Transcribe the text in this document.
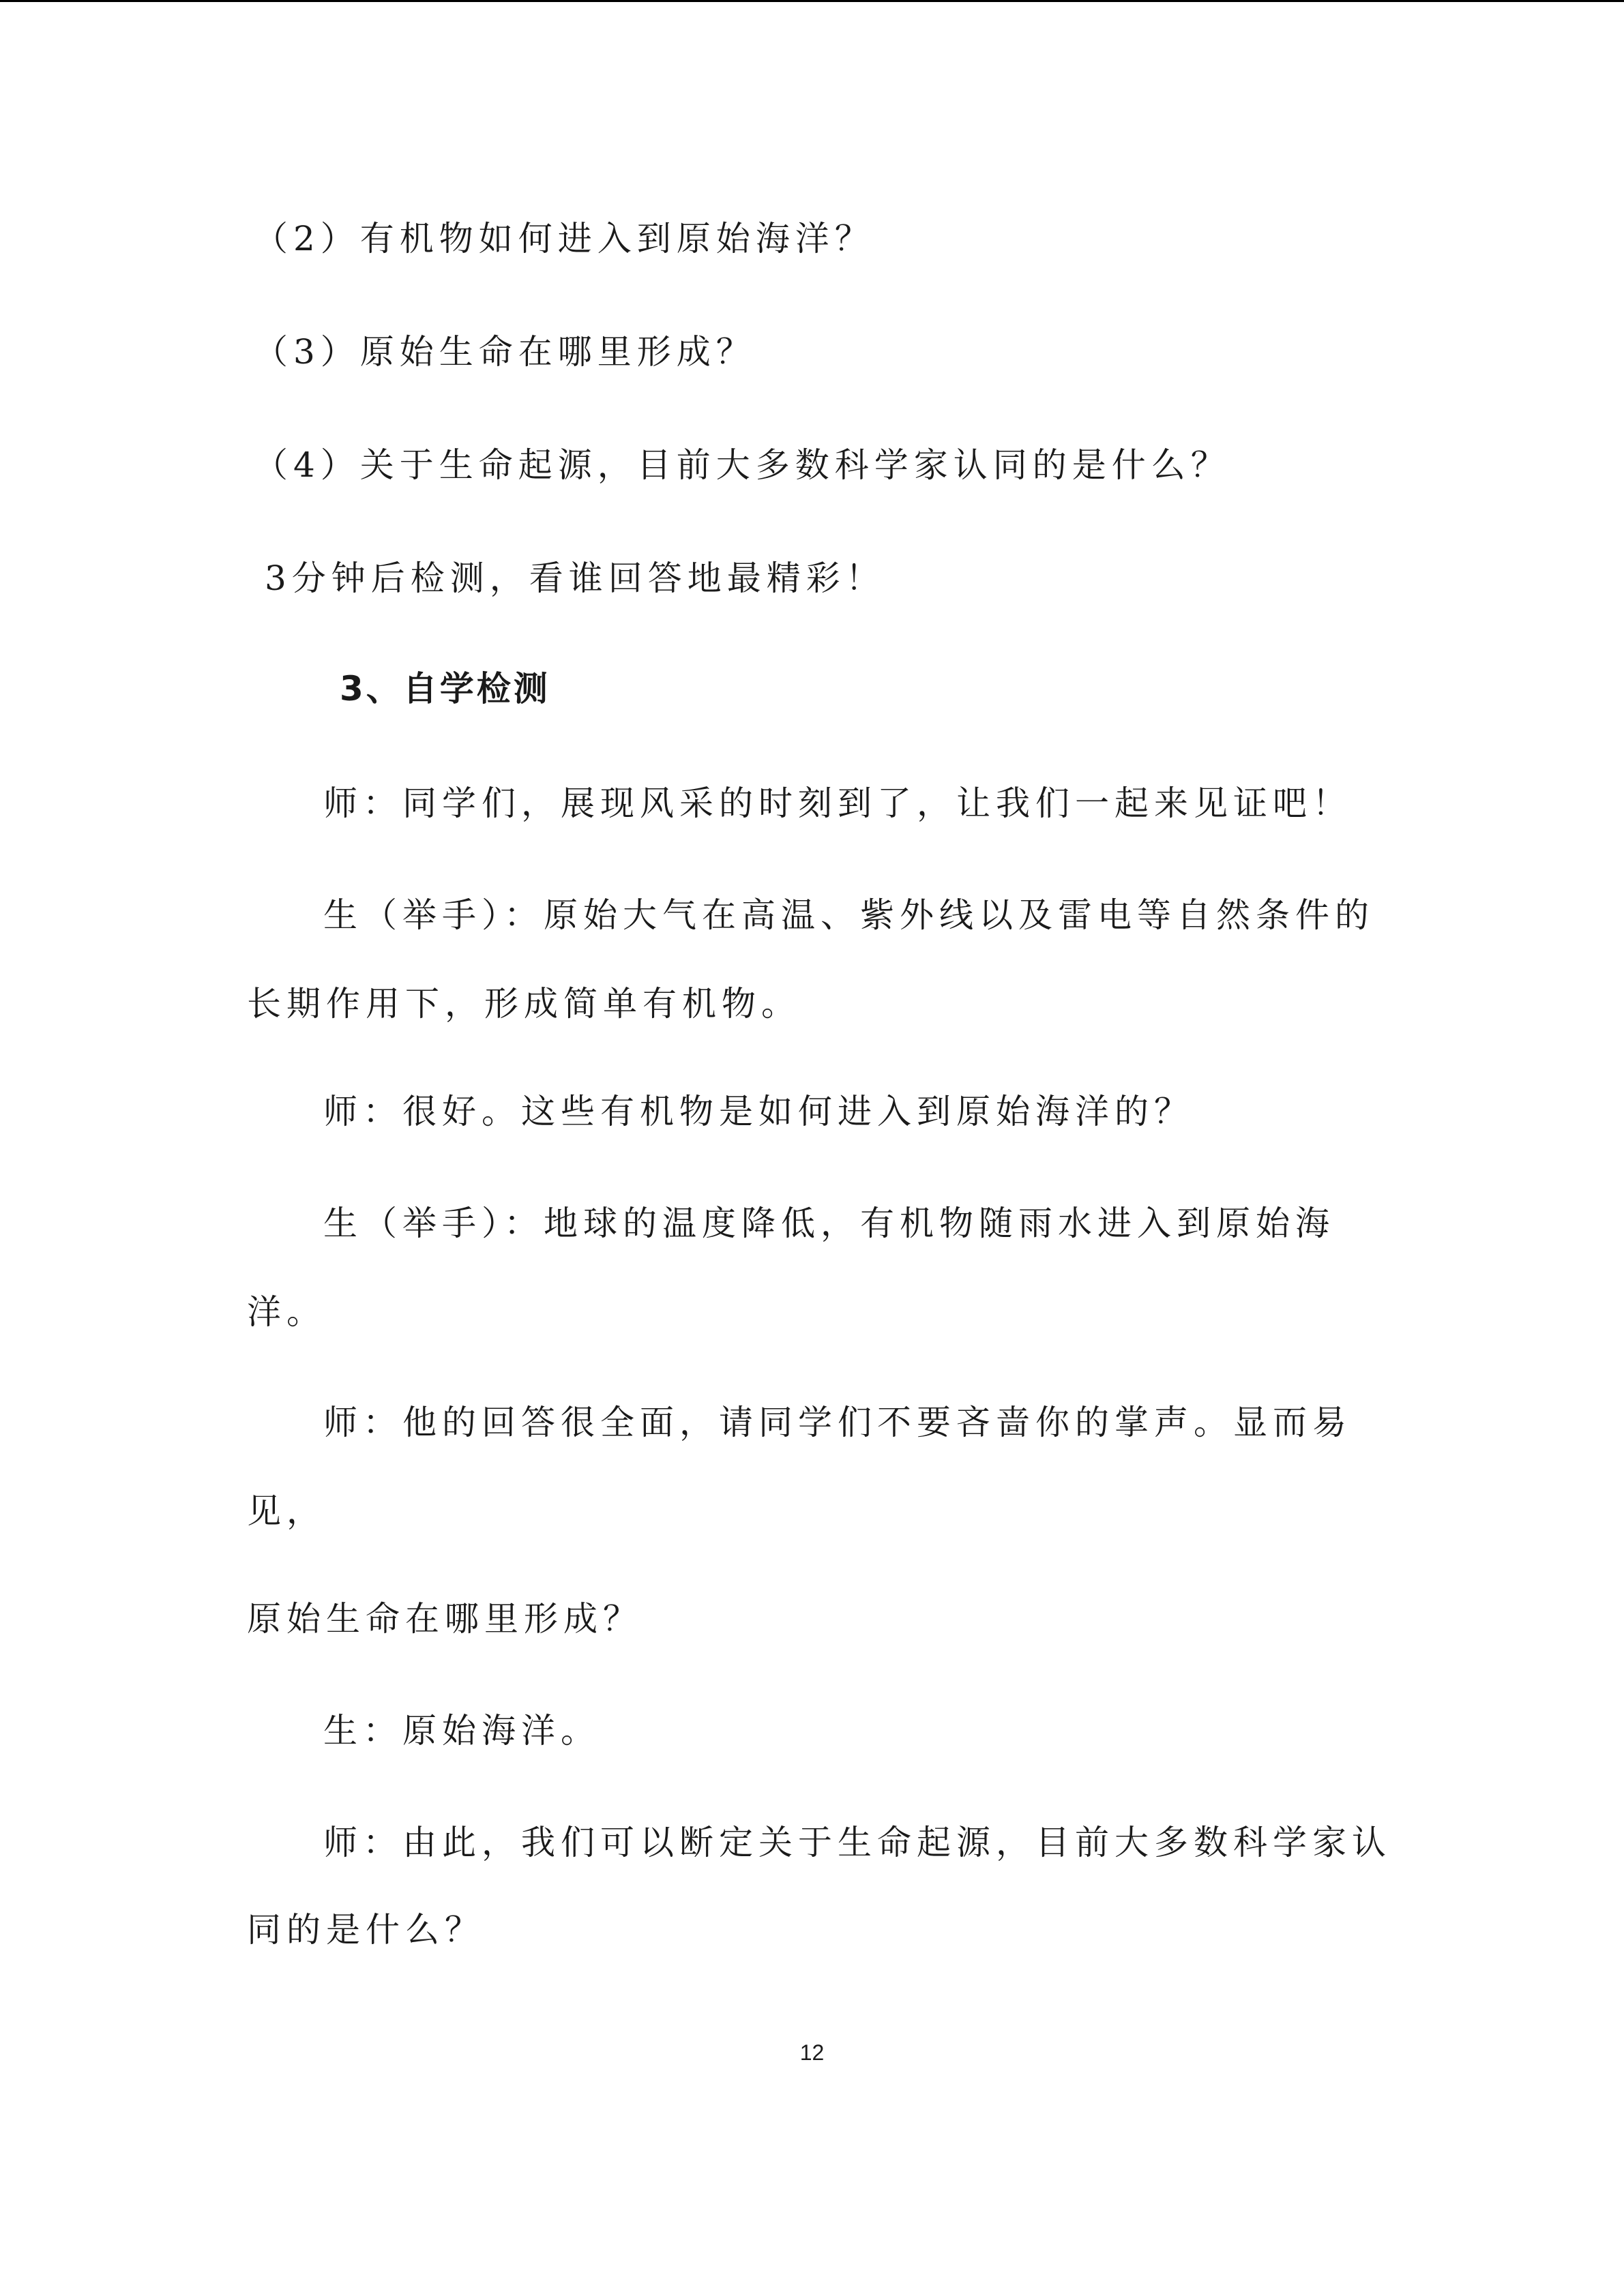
（2）有机物如何进入到原始海洋？
（3）原始生命在哪里形成？
（4）关于生命起源，目前大多数科学家认同的是什么？
3分钟后检测，看谁回答地最精彩！
3、自学检测
师：同学们，展现风采的时刻到了，让我们一起来见证吧！
生（举手）：原始大气在高温、紫外线以及雷电等自然条件的
长期作用下，形成简单有机物。
师：很好。这些有机物是如何进入到原始海洋的？
生（举手）：地球的温度降低，有机物随雨水进入到原始海
洋。
师：他的回答很全面，请同学们不要吝啬你的掌声。显而易
见，
原始生命在哪里形成？
生：原始海洋。
师：由此，我们可以断定关于生命起源，目前大多数科学家认
同的是什么？
12
